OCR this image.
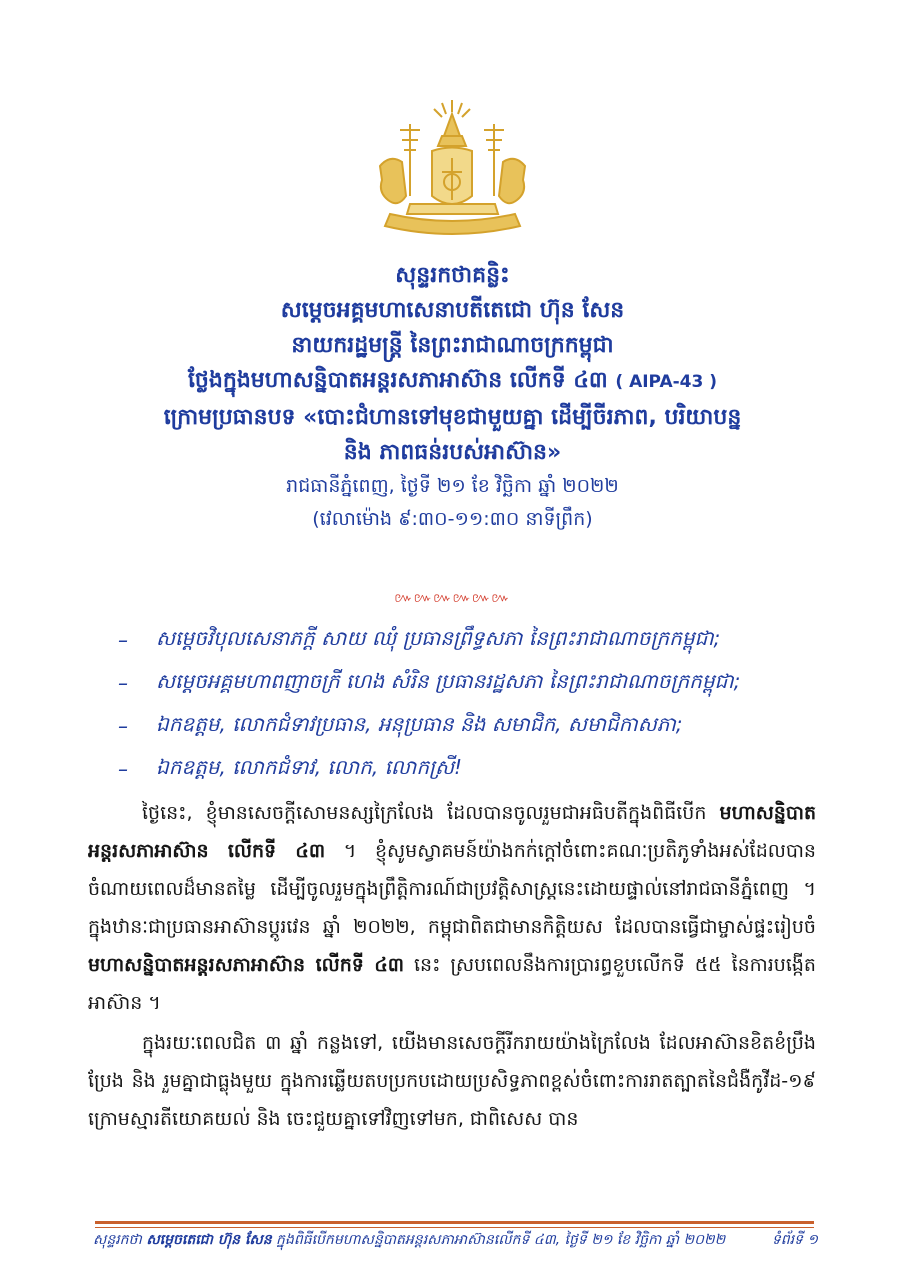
សុន្ទរកថាគន្លិះ
សម្តេចអគ្គមហាសេនាបតីតេជោ ហ៊ុន សែន
នាយករដ្ឋមន្ត្រី នៃព្រះរាជាណាចក្រកម្ពុជា
ថ្លែងក្នុងមហាសន្និបាតអន្តរសភាអាស៊ាន លើកទី ៤៣ ( AIPA-43 )
ក្រោមប្រធានបទ «បោះជំហានទៅមុខជាមួយគ្នា ដើម្បីចីរភាព, បរិយាបន្ន
និង ភាពធន់របស់អាស៊ាន»
រាជធានីភ្នំពេញ, ថ្ងៃទី ២១ ខែ វិច្ឆិកា ឆ្នាំ ២០២២
(វេលាម៉ោង ៩:៣០-១១:៣០ នាទីព្រឹក)
៚៚៚៚៚៚
–	សម្តេចវិបុលសេនាភក្តី សាយ ឈុំ ប្រធានព្រឹទ្ធសភា នៃព្រះរាជាណាចក្រកម្ពុជា;
–	សម្តេចអគ្គមហាពញាចក្រី ហេង សំរិន ប្រធានរដ្ឋសភា នៃព្រះរាជាណាចក្រកម្ពុជា;
–	ឯកឧត្តម, លោកជំទាវប្រធាន, អនុប្រធាន និង សមាជិក, សមាជិកាសភា;
–	ឯកឧត្តម, លោកជំទាវ, លោក, លោកស្រី!

ថ្ងៃនេះ, ខ្ញុំមានសេចក្តីសោមនស្សក្រៃលែង ដែលបានចូលរួមជាអធិបតីក្នុងពិធីបើក មហាសន្និបាតអន្តរសភាអាស៊ាន លើកទី ៤៣ ។ ខ្ញុំសូមស្វាគមន៍យ៉ាងកក់ក្តៅចំពោះគណៈប្រតិភូទាំងអស់ដែលបានចំណាយពេលដ៏មានតម្លៃ ដើម្បីចូលរួមក្នុងព្រឹត្តិការណ៍ជាប្រវត្តិសាស្ត្រនេះដោយផ្ទាល់នៅរាជធានីភ្នំពេញ ។ ក្នុងឋានៈជាប្រធានអាស៊ានប្តូរវេន ឆ្នាំ ២០២២, កម្ពុជាពិតជាមានកិត្តិយស ដែលបានធ្វើជាម្ចាស់ផ្ទះរៀបចំ មហាសន្និបាតអន្តរសភាអាស៊ាន លើកទី ៤៣ នេះ ស្របពេលនឹងការប្រារព្ធខួបលើកទី ៥៥ នៃការបង្កើតអាស៊ាន ។

ក្នុងរយៈពេលជិត ៣ ឆ្នាំ កន្លងទៅ, យើងមានសេចក្តីរីករាយយ៉ាងក្រៃលែង ដែលអាស៊ានខិតខំប្រឹងប្រែង និង រួមគ្នាជាធ្លុងមួយ ក្នុងការឆ្លើយតបប្រកបដោយប្រសិទ្ធភាពខ្ពស់ចំពោះការរាតត្បាតនៃជំងឺកូវីដ-១៩ ក្រោមស្មារតីយោគយល់ និង ចេះជួយគ្នាទៅវិញទៅមក, ជាពិសេស បាន

សុន្ទរកថា សម្តេចតេជោ ហ៊ុន សែន ក្នុងពិធីបើកមហាសន្និបាតអន្តរសភាអាស៊ានលើកទី ៤៣, ថ្ងៃទី ២១ ខែ វិច្ឆិកា ឆ្នាំ ២០២២	ទំព័រទី ១
